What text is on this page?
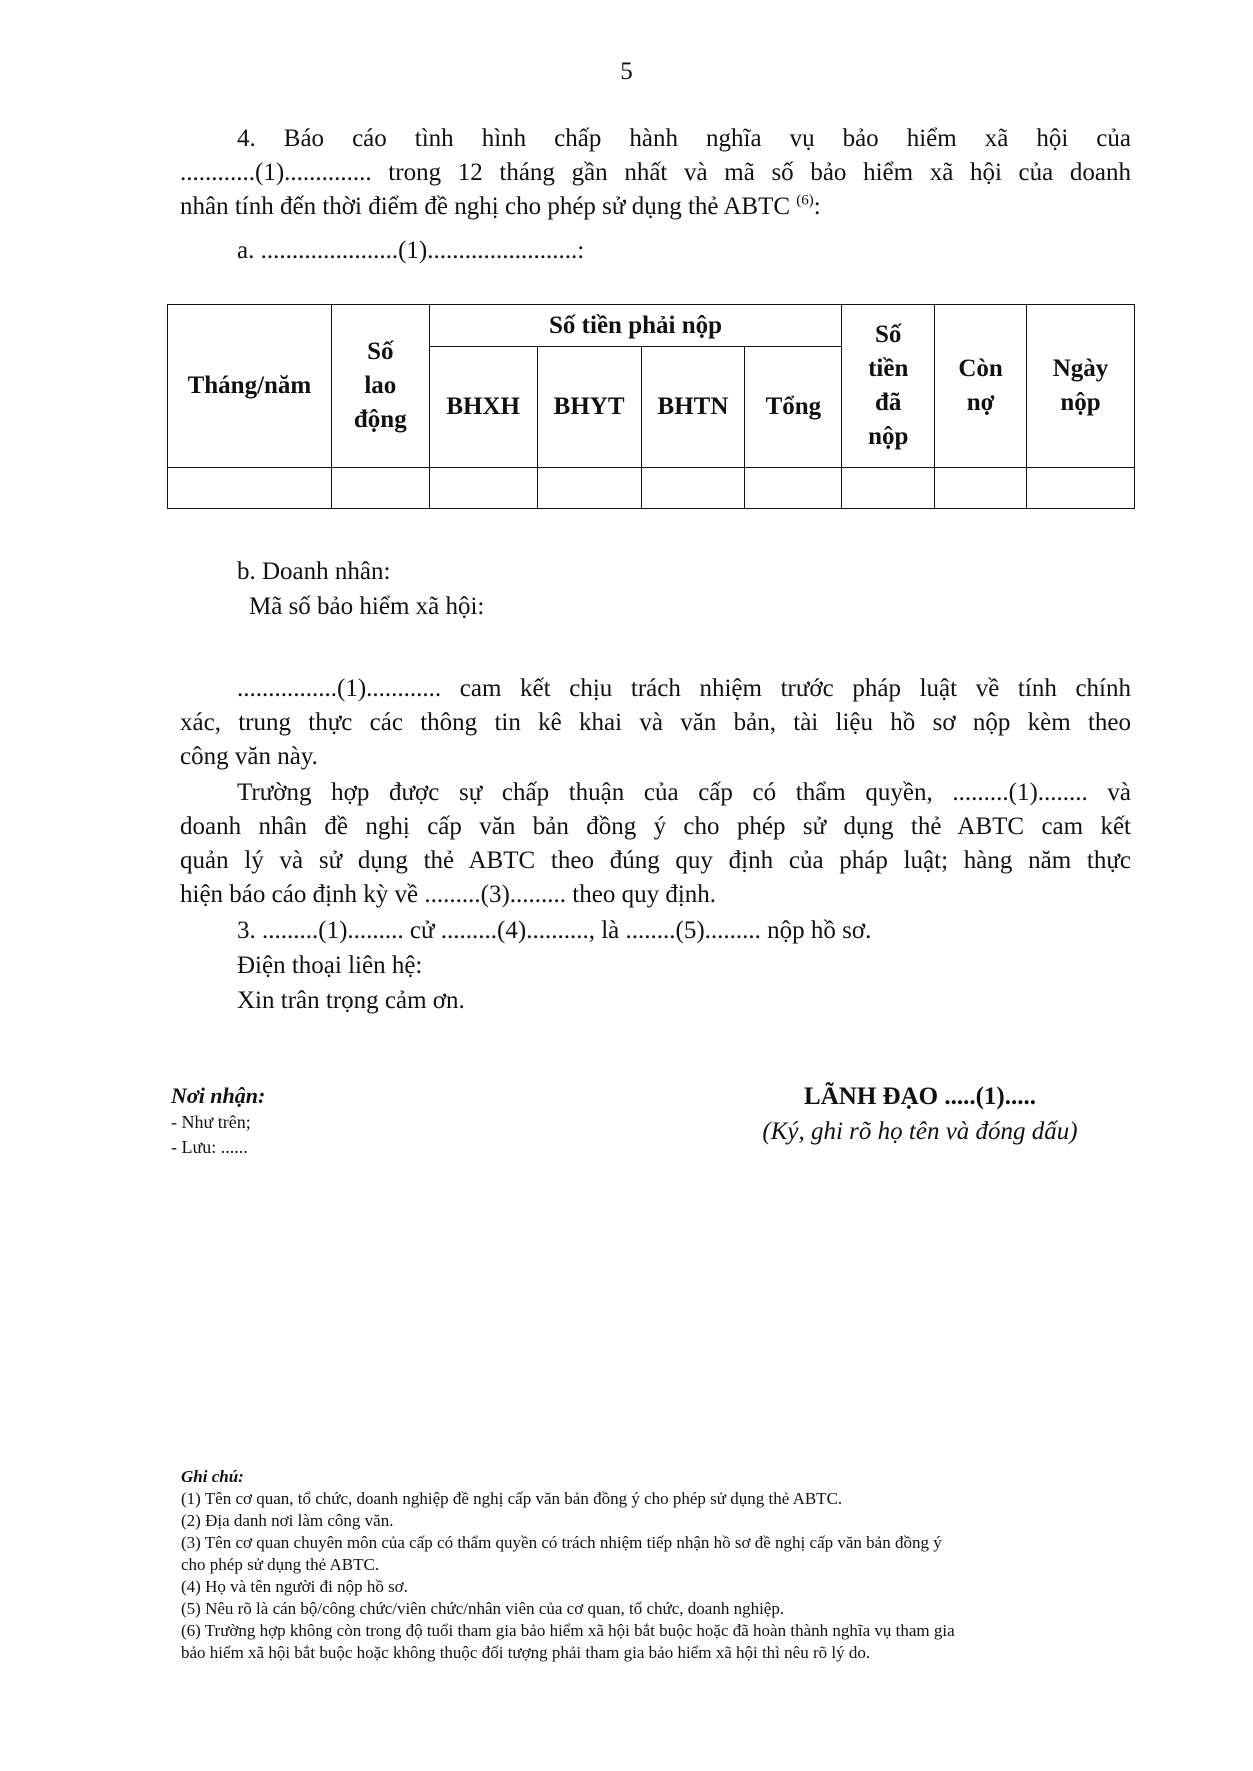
5
4. Báo cáo tình hình chấp hành nghĩa vụ bảo hiểm xã hội của
............(1).............. trong 12 tháng gần nhất và mã số bảo hiểm xã hội của doanh
nhân tính đến thời điểm đề nghị cho phép sử dụng thẻ ABTC $^{(6)}$:
a. ......................(1)........................:
Tháng/năm	Số lao động	Số tiền phải nộp				Số tiền đã nộp	Còn nợ	Ngày nộp

		BHXH	BHYT	BHTN	Tổng			

b. Doanh nhân:
Mã số bảo hiểm xã hội:
................(1)............ cam kết chịu trách nhiệm trước pháp luật về tính chính
xác, trung thực các thông tin kê khai và văn bản, tài liệu hồ sơ nộp kèm theo
công văn này.
Trường hợp được sự chấp thuận của cấp có thẩm quyền, .........(1)........ và
doanh nhân đề nghị cấp văn bản đồng ý cho phép sử dụng thẻ ABTC cam kết
quản lý và sử dụng thẻ ABTC theo đúng quy định của pháp luật; hàng năm thực
hiện báo cáo định kỳ về .........(3)......... theo quy định.
3. .........(1)......... cử .........(4).........., là ........(5)......... nộp hồ sơ.
Điện thoại liên hệ:
Xin trân trọng cảm ơn.
Nơi nhận:
- Như trên;
- Lưu: ......
LÃNH ĐẠO .....(1).....
(Ký, ghi rõ họ tên và đóng dấu)
Ghi chú:
(1) Tên cơ quan, tổ chức, doanh nghiệp đề nghị cấp văn bản đồng ý cho phép sử dụng thẻ ABTC.
(2) Địa danh nơi làm công văn.
(3) Tên cơ quan chuyên môn của cấp có thẩm quyền có trách nhiệm tiếp nhận hồ sơ đề nghị cấp văn bản đồng ý
cho phép sử dụng thẻ ABTC.
(4) Họ và tên người đi nộp hồ sơ.
(5) Nêu rõ là cán bộ/công chức/viên chức/nhân viên của cơ quan, tổ chức, doanh nghiệp.
(6) Trường hợp không còn trong độ tuổi tham gia bảo hiểm xã hội bắt buộc hoặc đã hoàn thành nghĩa vụ tham gia
bảo hiểm xã hội bắt buộc hoặc không thuộc đối tượng phải tham gia bảo hiểm xã hội thì nêu rõ lý do.
